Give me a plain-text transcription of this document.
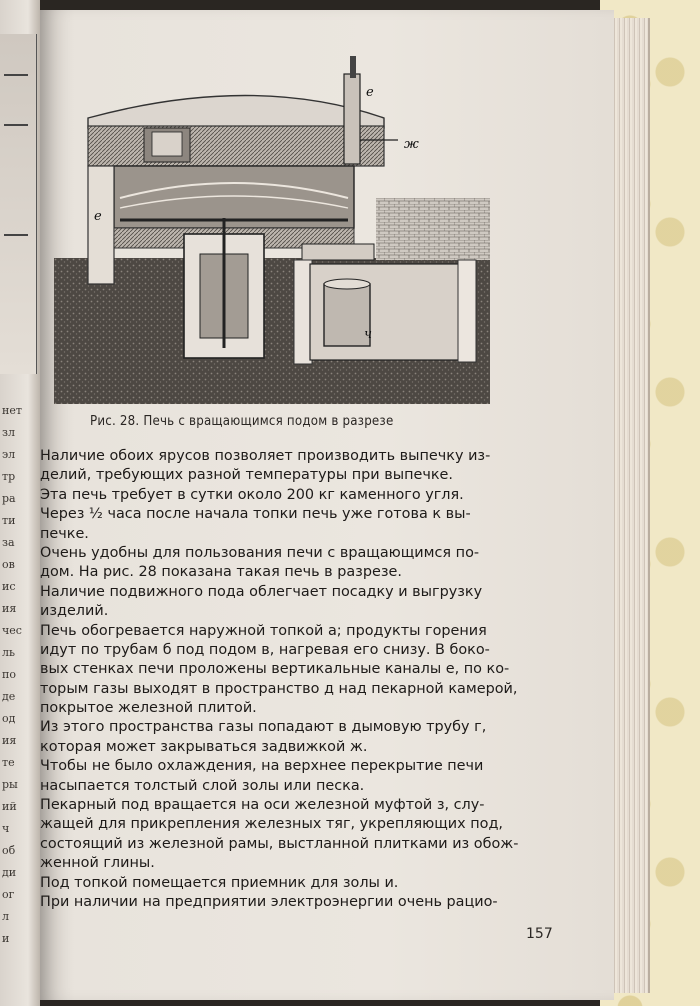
нет
зл
эл
тр
ра
ти
за
ов
ис
ия
чес
ль
по
де
од
ия
те
ры
ий
ч
об
ди
ог
л
и
е
ж
е
ч
Рис. 28. Печь с вращающимся подом в разрезе
Наличие обоих ярусов позволяет производить выпечку из-
делий, требующих разной температуры при выпечке.
Эта печь требует в сутки около 200 кг каменного угля.
Через ½ часа после начала топки печь уже готова к вы-
печке.
Очень удобны для пользования печи с вращающимся по-
дом. На рис. 28 показана такая печь в разрезе.
Наличие подвижного пода облегчает посадку и выгрузку
изделий.
Печь обогревается наружной топкой а; продукты горения
идут по трубам б под подом в, нагревая его снизу. В боко-
вых стенках печи проложены вертикальные каналы е, по ко-
торым газы выходят в пространство д над пекарной камерой,
покрытое железной плитой.
Из этого пространства газы попадают в дымовую трубу г,
которая может закрываться задвижкой ж.
Чтобы не было охлаждения, на верхнее перекрытие печи
насыпается толстый слой золы или песка.
Пекарный под вращается на оси железной муфтой з, слу-
жащей для прикрепления железных тяг, укрепляющих под,
состоящий из железной рамы, выстланной плитками из обож-
женной глины.
Под топкой помещается приемник для золы и.
При наличии на предприятии электроэнергии очень рацио-
157
